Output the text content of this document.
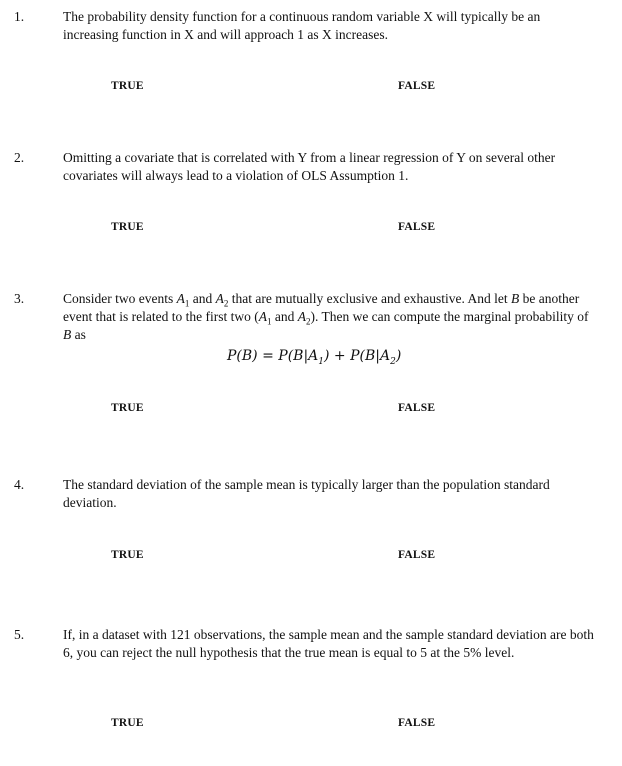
1.	The probability density function for a continuous random variable X will typically be an increasing function in X and will approach 1 as X increases.
TRUE	FALSE
2.	Omitting a covariate that is correlated with Y from a linear regression of Y on several other covariates will always lead to a violation of OLS Assumption 1.
TRUE	FALSE
3.	Consider two events $A_1$ and $A_2$ that are mutually exclusive and exhaustive. And let B be another event that is related to the first two ($A_1$ and $A_2$). Then we can compute the marginal probability of B as
$P(B) = P(B|A_1) + P(B|A_2)$
TRUE	FALSE
4.	The standard deviation of the sample mean is typically larger than the population standard deviation.
TRUE	FALSE
5.	If, in a dataset with 121 observations, the sample mean and the sample standard deviation are both 6, you can reject the null hypothesis that the true mean is equal to 5 at the 5% level.
TRUE	FALSE
